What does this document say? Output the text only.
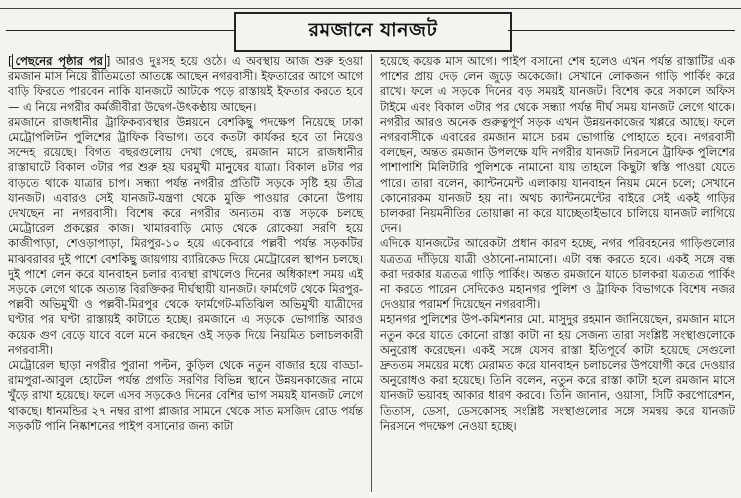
রমজানে যানজট

[ পেছনের পৃষ্ঠার পর ] আরও দুঃসহ হয়ে ওঠে। এ অবস্থায় আজ শুরু হওয়া রমজান মাস নিয়ে রীতিমতো আতঙ্কে আছেন নগরবাসী। ইফতারের আগে আগে বাড়ি ফিরতে পারবেন নাকি যানজটে আটকে পড়ে রাস্তায়ই ইফতার করতে হবে— এ নিয়ে নগরীর কর্মজীবীরা উদ্বেগ-উৎকণ্ঠায় আছেন।

রমজানে রাজধানীর ট্রাফিকব্যবস্থার উন্নয়নে বেশকিছু পদক্ষেপ নিয়েছে ঢাকা মেট্রোপলিটন পুলিশের ট্রাফিক বিভাগ। তবে কতটা কার্যকর হবে তা নিয়েও সন্দেহ রয়েছে। বিগত বছরগুলোয় দেখা গেছে, রমজান মাসে রাজধানীর রাস্তাঘাটে বিকাল ৩টার পর শুরু হয় ঘরমুখী মানুষের যাত্রা। বিকাল ৪টার পর বাড়তে থাকে যাত্রার চাপ। সন্ধ্যা পর্যন্ত নগরীর প্রতিটি সড়কে সৃষ্টি হয় তীব্র যানজট। এবারও সেই যানজট-যন্ত্রণা থেকে মুক্তি পাওয়ার কোনো উপায় দেখছেন না নগরবাসী। বিশেষ করে নগরীর অন্যতম ব্যস্ত সড়কে চলছে মেট্রোরেল প্রকল্পের কাজ। খামারবাড়ি মোড় থেকে রোকেয়া সরণি হয়ে কাজীপাড়া, শেওড়াপাড়া, মিরপুর-১০ হয়ে একেবারে পল্লবী পর্যন্ত সড়কটির মাঝবরাবর দুই পাশে বেশকিছু জায়গায় ব্যারিকেড দিয়ে মেট্রোরেল স্থাপন চলছে। দুই পাশে লেন করে যানবাহন চলার ব্যবস্থা রাখলেও দিনের অধিকাংশ সময় এই সড়কে লেগে থাকে অত্যন্ত বিরক্তিকর দীর্ঘস্থায়ী যানজট। ফার্মগেট থেকে মিরপুর-পল্লবী অভিমুখী ও পল্লবী-মিরপুর থেকে ফার্মগেট-মতিঝিল অভিমুখী যাত্রীদের ঘণ্টার পর ঘণ্টা রাস্তায়ই কাটাতে হচ্ছে। রমজানে এ সড়কে ভোগান্তি আরও কয়েক গুণ বেড়ে যাবে বলে মনে করছেন ওই সড়ক দিয়ে নিয়মিত চলাচলকারী নগরবাসী।

মেট্রোরেল ছাড়া নগরীর পুরানা পল্টন, কুড়িল থেকে নতুন বাজার হয়ে বাড্ডা-রামপুরা-আবুল হোটেল পর্যন্ত প্রগতি সরণির বিভিন্ন স্থানে উন্নয়নকাজের নামে খুঁড়ে রাখা হয়েছে। ফলে এসব সড়কেও দিনের বেশির ভাগ সময়ই যানজট লেগে থাকছে। ধানমন্ডির ২৭ নম্বর রাপা প্লাজার সামনে থেকে সাত মসজিদ রোড পর্যন্ত সড়কটি পানি নিষ্কাশনের পাইপ বসানোর জন্য কাটা

হয়েছে কয়েক মাস আগে। পাইপ বসানো শেষ হলেও এখন পর্যন্ত রাস্তাটির এক পাশের প্রায় দেড় লেন জুড়ে অকেজো। সেখানে লোকজন গাড়ি পার্কিং করে রাখে। ফলে এ সড়কে দিনের বড় সময়ই যানজট। বিশেষ করে সকালে অফিস টাইমে এবং বিকাল ৩টার পর থেকে সন্ধ্যা পর্যন্ত দীর্ঘ সময় যানজট লেগে থাকে। নগরীর আরও অনেক গুরুত্বপূর্ণ সড়ক এখন উন্নয়নকাজের খপ্পরে আছে। ফলে নগরবাসীকে এবারের রমজান মাসে চরম ভোগান্তি পোহাতে হবে। নগরবাসী বলছেন, অন্তত রমজান উপলক্ষে যদি নগরীর যানজট নিরসনে ট্রাফিক পুলিশের পাশাপাশি মিলিটারি পুলিশকে নামানো যায় তাহলে কিছুটা স্বস্তি পাওয়া যেতে পারে। তারা বলেন, ক্যান্টনমেন্ট এলাকায় যানবাহন নিয়ম মেনে চলে; সেখানে কোনোরকম যানজট হয় না। অথচ ক্যান্টনমেন্টের বাইরে সেই একই গাড়ির চালকরা নিয়মনীতির তোয়াক্কা না করে যাচ্ছেতাইভাবে চালিয়ে যানজট লাগিয়ে দেন।

এদিকে যানজটের আরেকটা প্রধান কারণ হচ্ছে, নগর পরিবহনের গাড়িগুলোর যত্রতত্র দাঁড়িয়ে যাত্রী ওঠানো-নামানো। এটা বন্ধ করতে হবে। একই সঙ্গে বন্ধ করা দরকার যত্রতত্র গাড়ি পার্কিং। অন্তত রমজানে যাতে চালকরা যত্রতত্র পার্কিং না করতে পারেন সেদিকেও মহানগর পুলিশ ও ট্রাফিক বিভাগকে বিশেষ নজর দেওয়ার পরামর্শ দিয়েছেন নগরবাসী।

মহানগর পুলিশের উপ-কমিশনার মো. মাসুদুর রহমান জানিয়েছেন, রমজান মাসে নতুন করে যাতে কোনো রাস্তা কাটা না হয় সেজন্য তারা সংশ্লিষ্ট সংস্থাগুলোকে অনুরোধ করেছেন। একই সঙ্গে যেসব রাস্তা ইতিপূর্বে কাটা হয়েছে সেগুলো দ্রুততম সময়ের মধ্যে মেরামত করে যানবাহন চলাচলের উপযোগী করে দেওয়ার অনুরোধও করা হয়েছে। তিনি বলেন, নতুন করে রাস্তা কাটা হলে রমজান মাসে যানজট ভয়াবহ আকার ধারণ করবে। তিনি জানান, ওয়াসা, সিটি করপোরেশন, তিতাস, ডেসা, ডেসকোসহ সংশ্লিষ্ট সংস্থাগুলোর সঙ্গে সমন্বয় করে যানজট নিরসনে পদক্ষেপ নেওয়া হচ্ছে।
